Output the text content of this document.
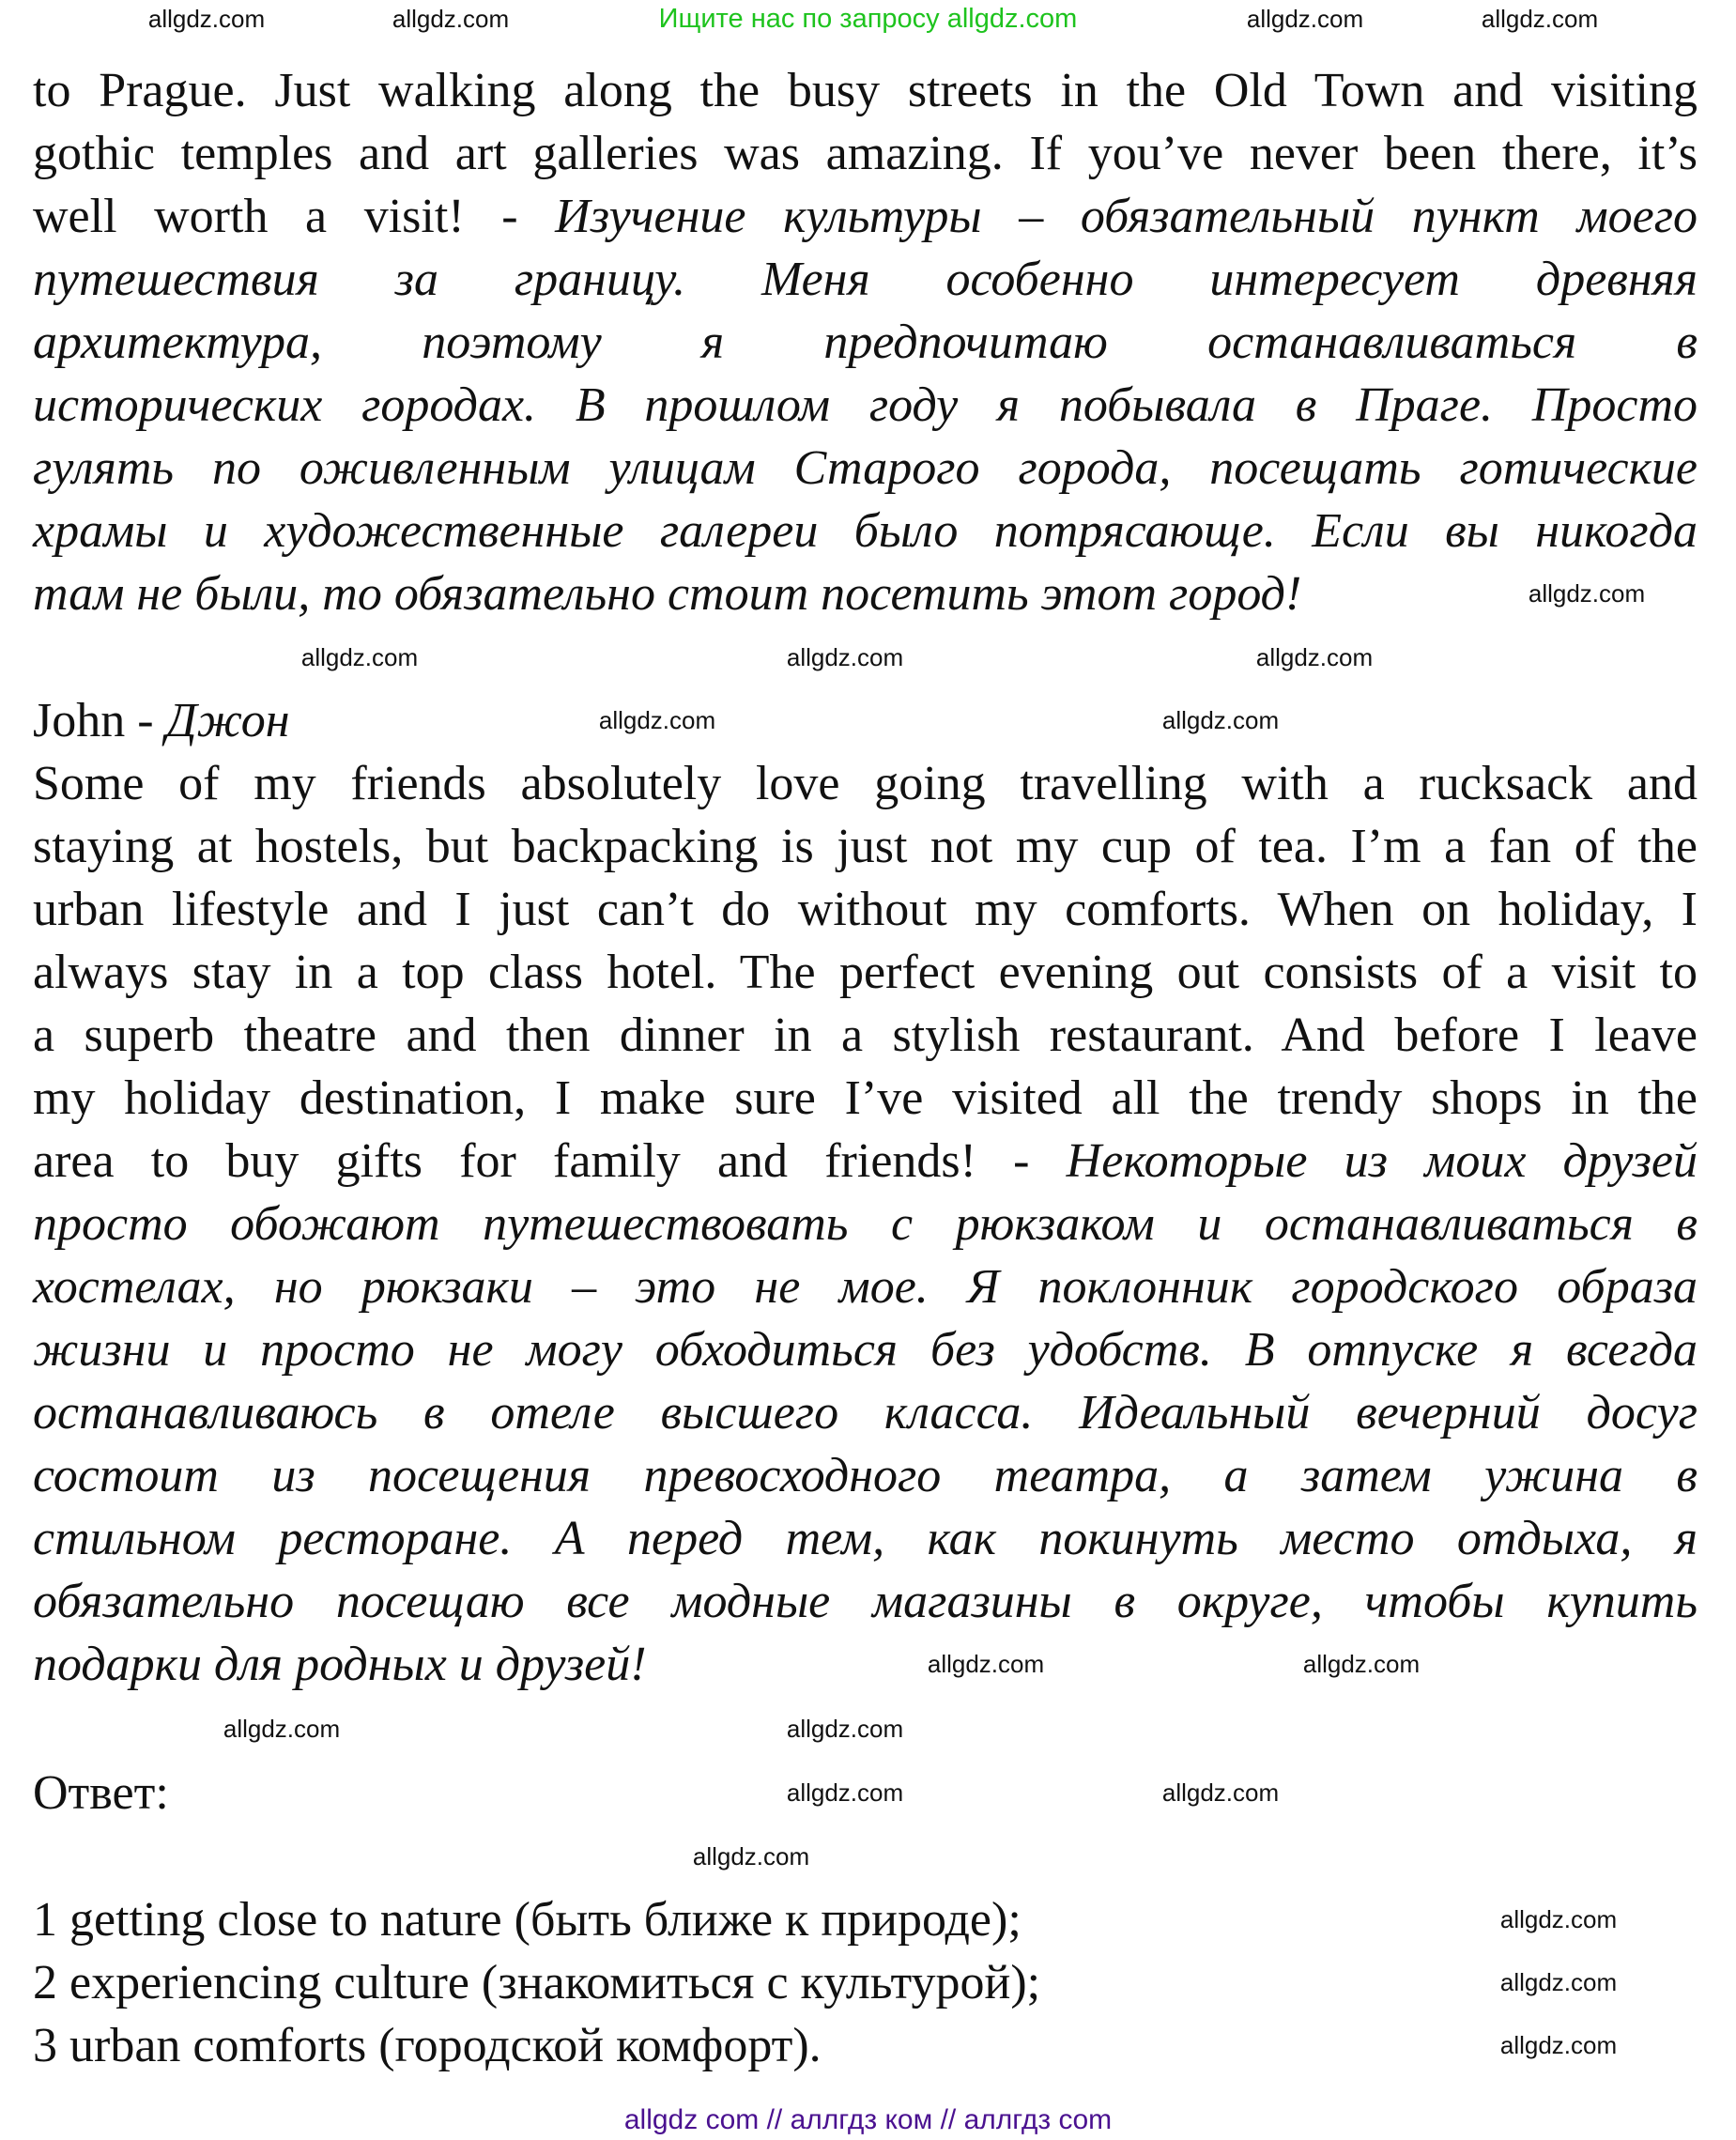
Ищите нас по запросу allgdz.com
allgdz.com	allgdz.com	allgdz.com	allgdz.com
allgdz.com
allgdz.com	allgdz.com	allgdz.com
allgdz.com	allgdz.com
allgdz.com	allgdz.com
allgdz.com	allgdz.com
allgdz.com	allgdz.com
allgdz.com
allgdz.com
allgdz.com
allgdz.com
allgdz com // аллгдз ком // аллгдз com
to Prague. Just walking along the busy streets in the Old Town and visiting
gothic temples and art galleries was amazing. If you’ve never been there, it’s
well worth a visit! - Изучение культуры – обязательный пункт моего
путешествия за границу. Меня особенно интересует древняя
архитектура, поэтому я предпочитаю останавливаться в
исторических городах. В прошлом году я побывала в Праге. Просто
гулять по оживленным улицам Старого города, посещать готические
храмы и художественные галереи было потрясающе. Если вы никогда
там не были, то обязательно стоит посетить этот город!
John - Джон
Some of my friends absolutely love going travelling with a rucksack and
staying at hostels, but backpacking is just not my cup of tea. I’m a fan of the
urban lifestyle and I just can’t do without my comforts. When on holiday, I
always stay in a top class hotel. The perfect evening out consists of a visit to
a superb theatre and then dinner in a stylish restaurant. And before I leave
my holiday destination, I make sure I’ve visited all the trendy shops in the
area to buy gifts for family and friends! - Некоторые из моих друзей
просто обожают путешествовать с рюкзаком и останавливаться в
хостелах, но рюкзаки – это не мое. Я поклонник городского образа
жизни и просто не могу обходиться без удобств. В отпуске я всегда
останавливаюсь в отеле высшего класса. Идеальный вечерний досуг
состоит из посещения превосходного театра, а затем ужина в
стильном ресторане. А перед тем, как покинуть место отдыха, я
обязательно посещаю все модные магазины в округе, чтобы купить
подарки для родных и друзей!
Ответ:
1 getting close to nature (быть ближе к природе);
2 experiencing culture (знакомиться с культурой);
3 urban comforts (городской комфорт).
